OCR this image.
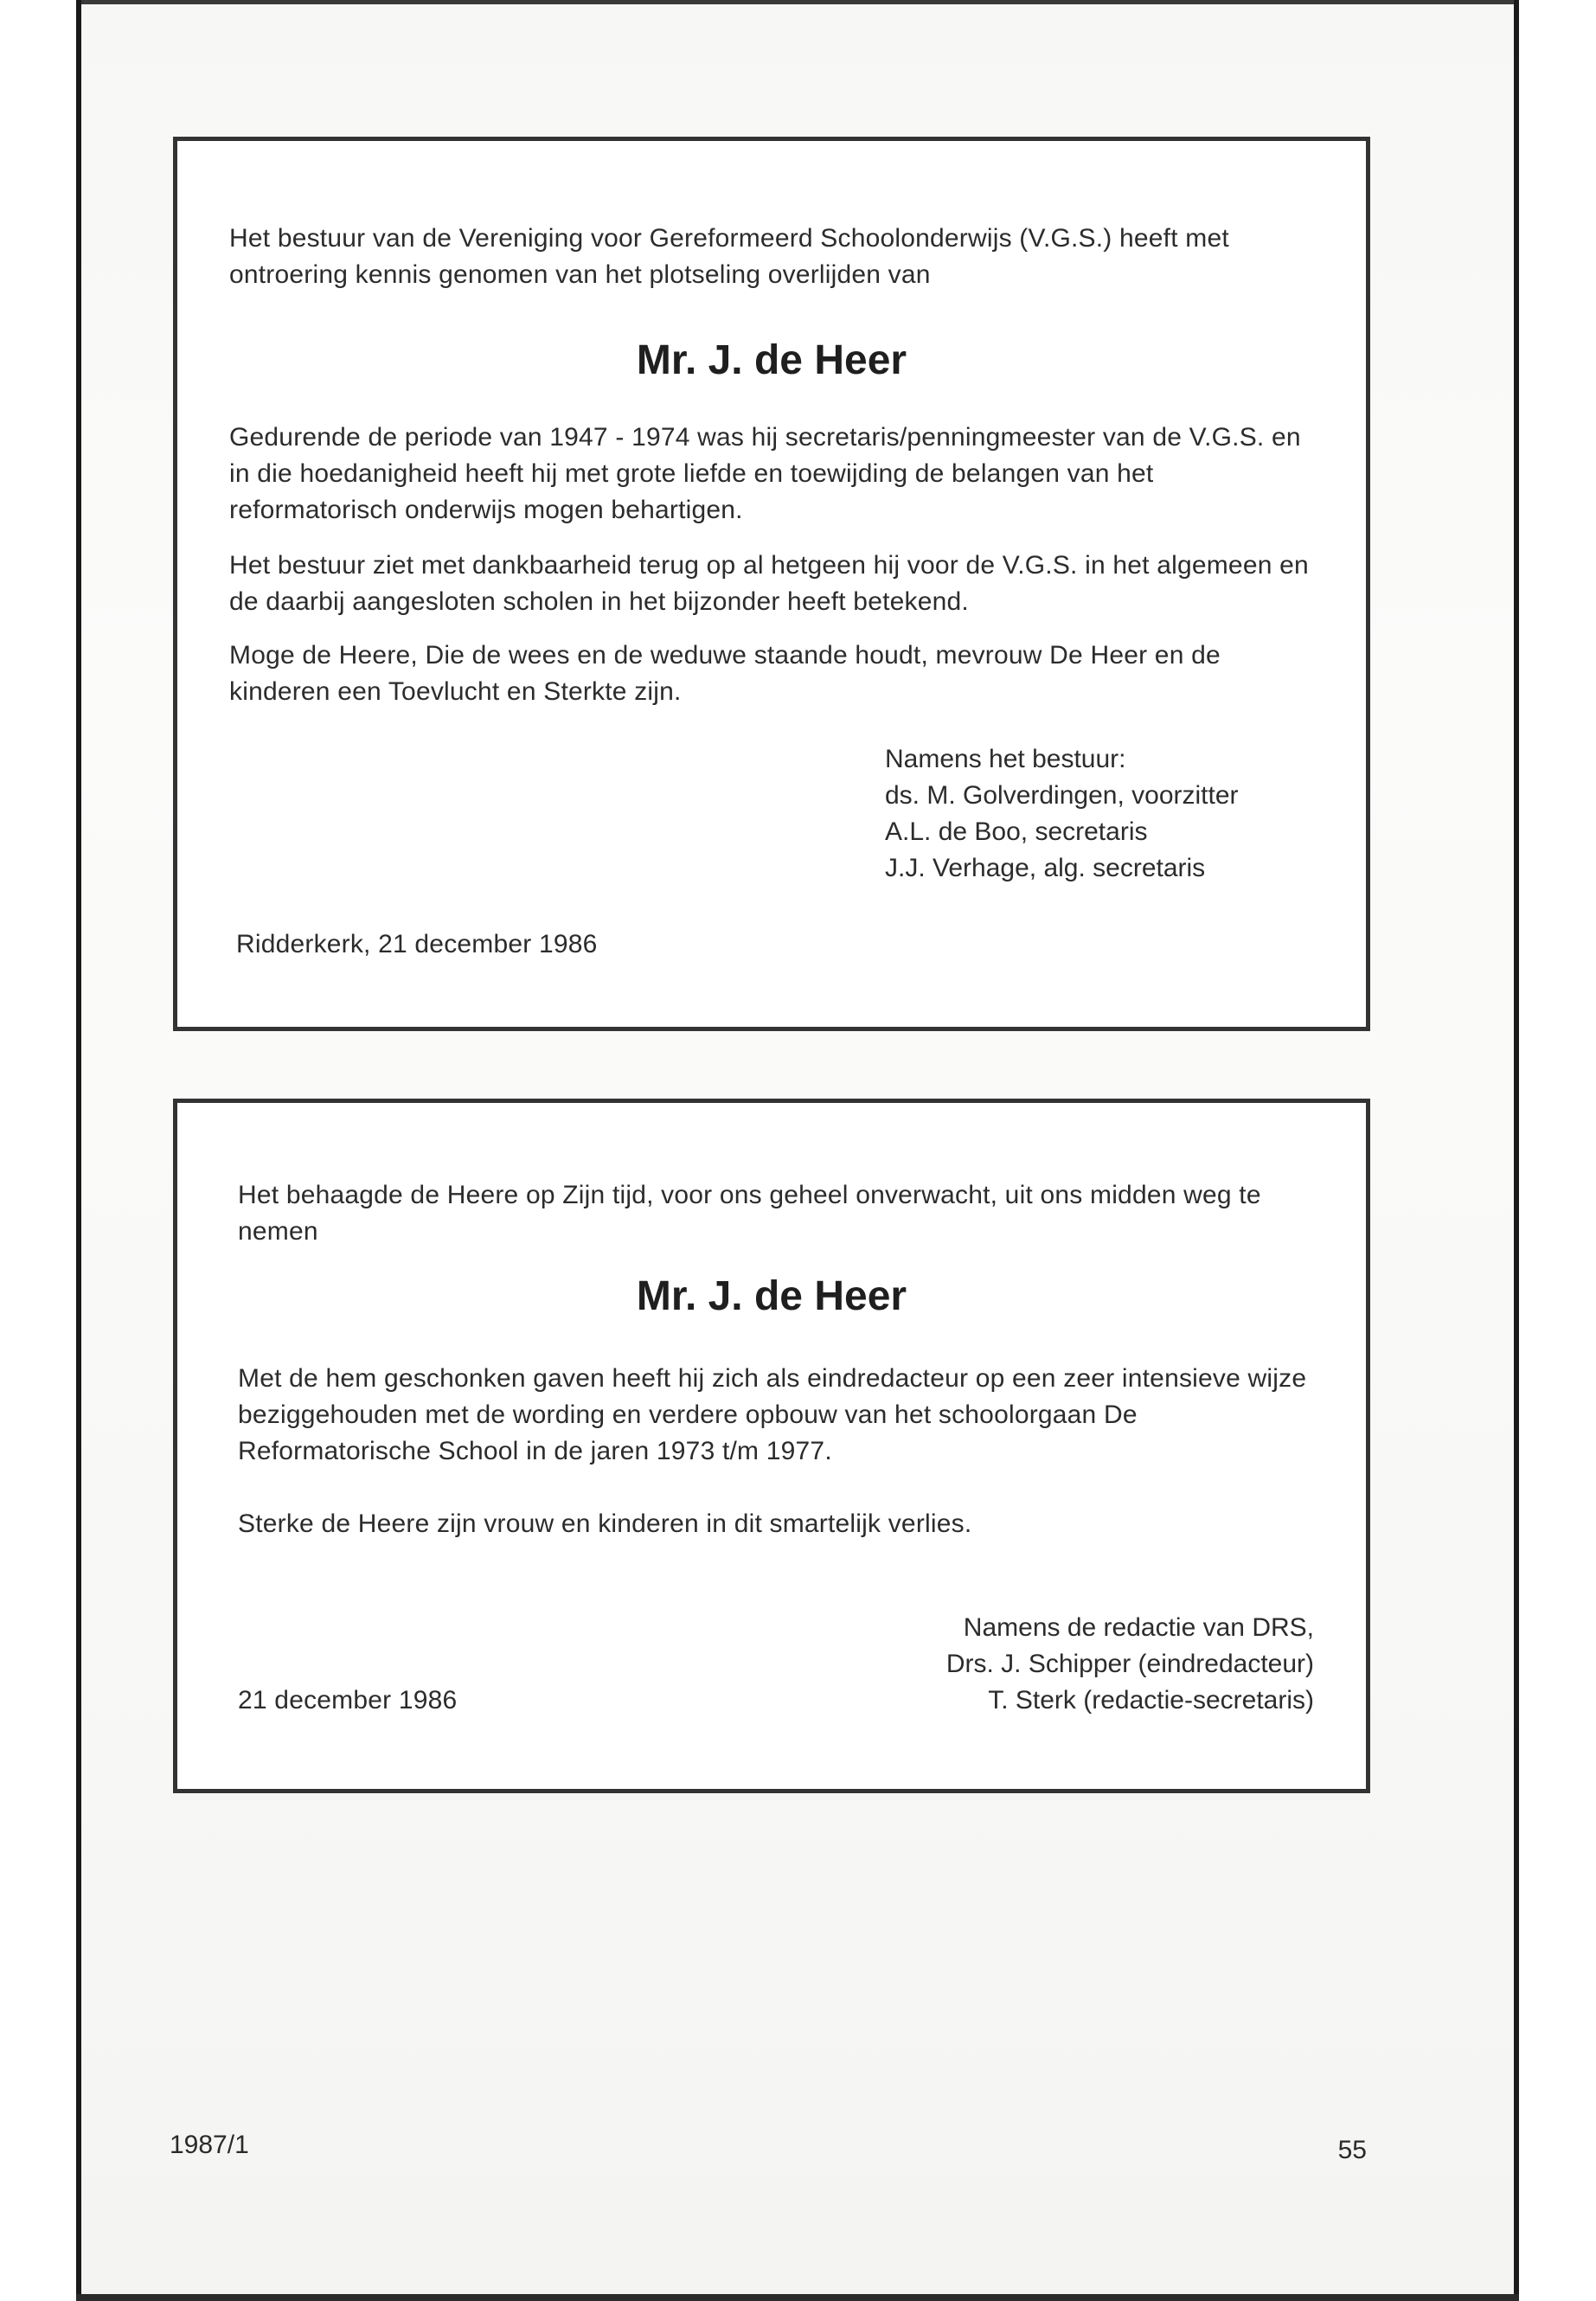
Het bestuur van de Vereniging voor Gereformeerd Schoolonderwijs (V.G.S.) heeft met ontroering kennis genomen van het plotseling overlijden van
Mr. J. de Heer
Gedurende de periode van 1947 - 1974 was hij secretaris/penningmeester van de V.G.S. en in die hoedanigheid heeft hij met grote liefde en toewijding de belangen van het reformatorisch onderwijs mogen behartigen.
Het bestuur ziet met dankbaarheid terug op al hetgeen hij voor de V.G.S. in het algemeen en de daarbij aangesloten scholen in het bijzonder heeft betekend.
Moge de Heere, Die de wees en de weduwe staande houdt, mevrouw De Heer en de kinderen een Toevlucht en Sterkte zijn.
Namens het bestuur:
ds. M. Golverdingen, voorzitter
A.L. de Boo, secretaris
J.J. Verhage, alg. secretaris
Ridderkerk, 21 december 1986
Het behaagde de Heere op Zijn tijd, voor ons geheel onverwacht, uit ons midden weg te nemen
Mr. J. de Heer
Met de hem geschonken gaven heeft hij zich als eindredacteur op een zeer intensieve wijze beziggehouden met de wording en verdere opbouw van het schoolorgaan De Reformatorische School in de jaren 1973 t/m 1977.
Sterke de Heere zijn vrouw en kinderen in dit smartelijk verlies.
Namens de redactie van DRS,
Drs. J. Schipper (eindredacteur)
T. Sterk (redactie-secretaris)
21 december 1986
1987/1	55
